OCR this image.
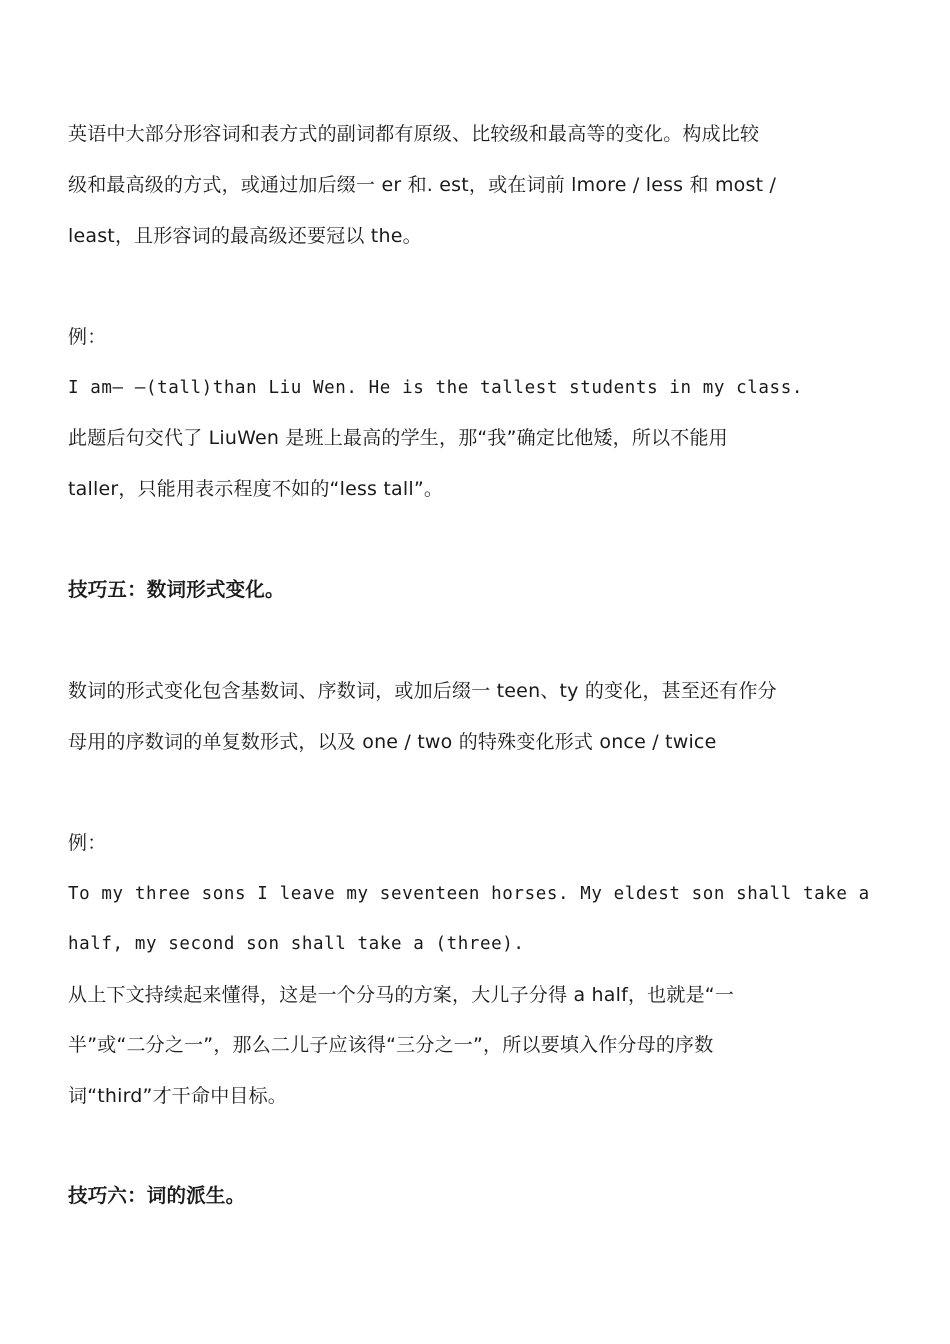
英语中大部分形容词和表方式的副词都有原级、比较级和最高等的变化。构成比较
级和最高级的方式，或通过加后缀一 er 和. est，或在词前 lmore / less 和 most /
least，且形容词的最高级还要冠以 the。
例：
I am— —(tall)than Liu Wen. He is the tallest students in my class.
此题后句交代了 LiuWen 是班上最高的学生，那“我”确定比他矮，所以不能用
taller，只能用表示程度不如的“less tall”。
技巧五：数词形式变化。
数词的形式变化包含基数词、序数词，或加后缀一 teen、ty 的变化，甚至还有作分
母用的序数词的单复数形式，以及 one / two 的特殊变化形式 once / twice
例：
To my three sons I leave my seventeen horses. My eldest son shall take a
half, my second son shall take a (three).
从上下文持续起来懂得，这是一个分马的方案，大儿子分得 a half，也就是“一
半”或“二分之一”，那么二儿子应该得“三分之一”，所以要填入作分母的序数
词“third”才干命中目标。
技巧六：词的派生。
